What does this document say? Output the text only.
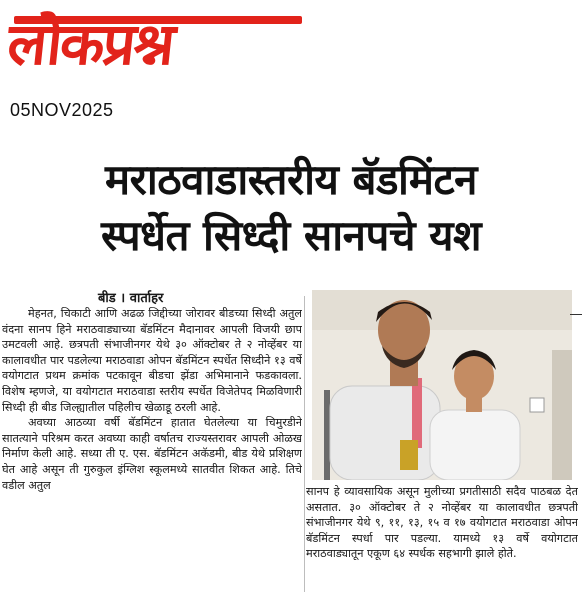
लोकप्रश्न
05NOV2025
मराठवाडास्तरीय बॅडमिंटन
स्पर्धेत सिध्दी सानपचे यश
बीड । वार्ताहर

मेहनत, चिकाटी आणि अढळ जिद्दीच्या जोरावर बीडच्या सिध्दी अतुल वंदना सानप हिने मराठवाड्याच्या बॅडमिंटन मैदानावर आपली विजयी छाप उमटवली आहे. छत्रपती संभाजीनगर येथे ३० ऑक्टोबर ते २ नोव्हेंबर या कालावधीत पार पडलेल्या मराठवाडा ओपन बॅडमिंटन स्पर्धेत सिध्दीने १३ वर्षे वयोगटात प्रथम क्रमांक पटकावून बीडचा झेंडा अभिमानाने फडकावला. विशेष म्हणजे, या वयोगटात मराठवाडा स्तरीय स्पर्धेत विजेतेपद मिळविणारी सिध्दी ही बीड जिल्ह्यातील पहिलीच खेळाडू ठरली आहे.

अवघ्या आठव्या वर्षी बॅडमिंटन हातात घेतलेल्या या चिमुरडीने सातत्याने परिश्रम करत अवघ्या काही वर्षातच राज्यस्तरावर आपली ओळख निर्माण केली आहे. सध्या ती ए. एस. बॅडमिंटन अकॅडमी, बीड येथे प्रशिक्षण घेत आहे असून ती गुरुकुल इंग्लिश स्कूलमध्ये सातवीत शिकत आहे. तिचे वडील अतुल	सानप हे व्यावसायिक असून मुलीच्या प्रगतीसाठी सदैव पाठबळ देत असतात. ३० ऑक्टोबर ते २ नोव्हेंबर या कालावधीत छत्रपती संभाजीनगर येथे ९, ११, १३, १५ व १७ वयोगटात मराठवाडा ओपन बॅडमिंटन स्पर्धा पार पडल्या. यामध्ये १३ वर्षे वयोगटात मराठवाड्यातून एकूण ६४ स्पर्धक सहभागी झाले होते.
